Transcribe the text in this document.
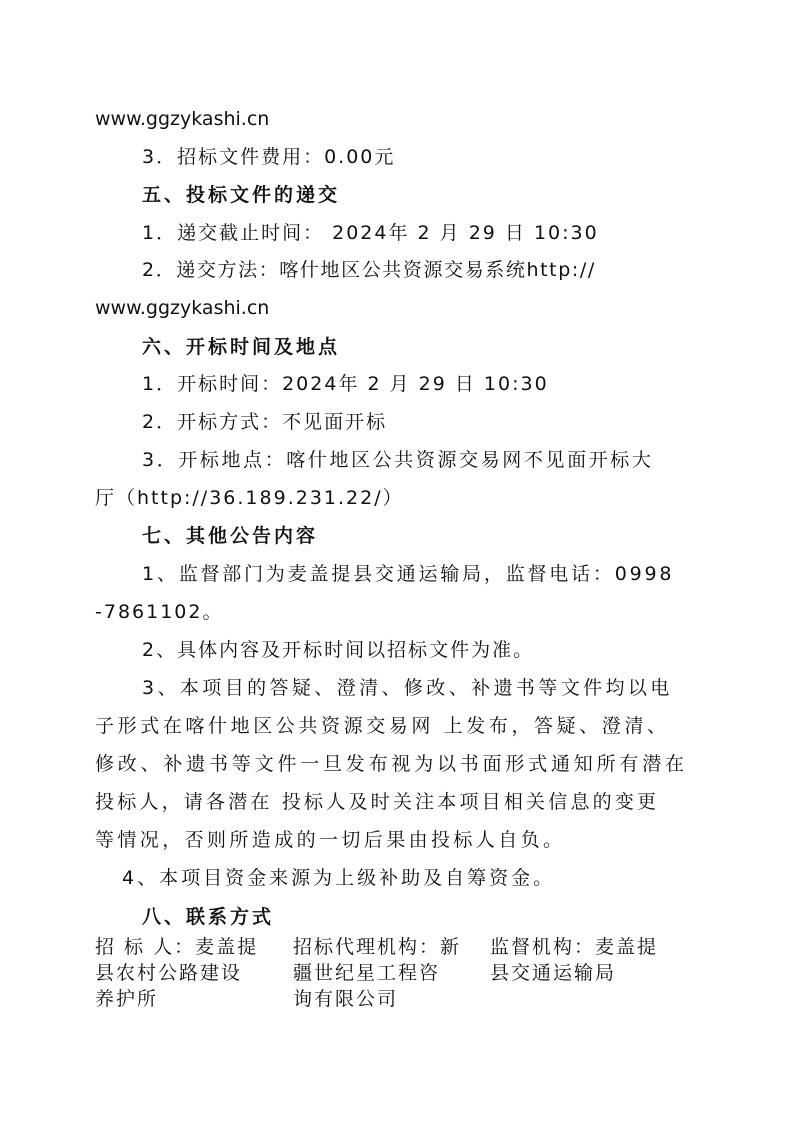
www.ggzykashi.cn
3．招标文件费用：0.00元
五、投标文件的递交
1．递交截止时间： 2024年 2 月 29 日 10:30
2．递交方法：喀什地区公共资源交易系统http://
www.ggzykashi.cn
六、开标时间及地点
1．开标时间：2024年 2 月 29 日 10:30
2．开标方式：不见面开标
3．开标地点：喀什地区公共资源交易网不见面开标大
厅（http://36.189.231.22/）
七、其他公告内容
1、监督部门为麦盖提县交通运输局，监督电话：0998
-7861102。
2、具体内容及开标时间以招标文件为准。
3、本项目的答疑、澄清、修改、补遗书等文件均以电
子形式在喀什地区公共资源交易网 上发布，答疑、澄清、
修改、补遗书等文件一旦发布视为以书面形式通知所有潜在
投标人，请各潜在 投标人及时关注本项目相关信息的变更
等情况，否则所造成的一切后果由投标人自负。
4、本项目资金来源为上级补助及自筹资金。
八、联系方式
招 标 人：麦盖提
县农村公路建设
养护所
招标代理机构：新
疆世纪星工程咨
询有限公司
监督机构：麦盖提
县交通运输局
